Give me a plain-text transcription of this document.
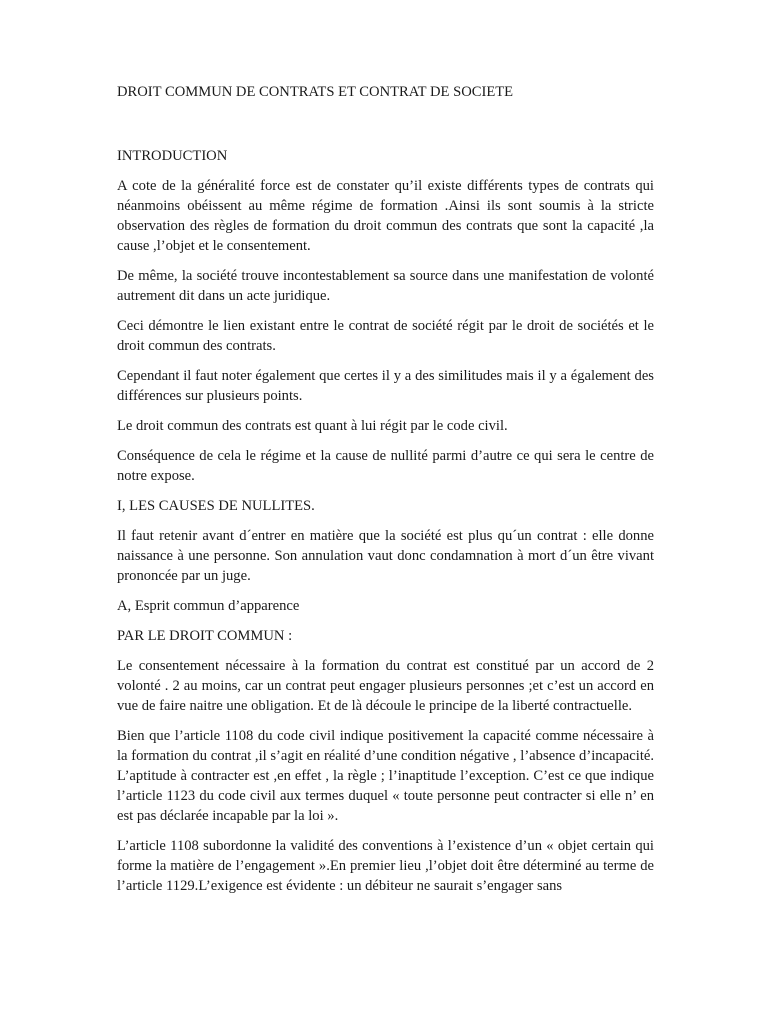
DROIT COMMUN DE CONTRATS ET CONTRAT DE SOCIETE
INTRODUCTION

A cote de la généralité force est de constater qu’il existe différents types de contrats qui néanmoins obéissent au même régime de formation .Ainsi ils sont soumis à la stricte observation des règles de formation du droit commun des contrats que sont la capacité ,la cause ,l’objet et le consentement.

De même, la société trouve incontestablement sa source dans une manifestation de volonté autrement dit dans un acte juridique.

Ceci démontre le lien existant entre le contrat de société régit par le droit de sociétés et le droit commun des contrats.

Cependant il faut noter également que certes il y a des similitudes mais il y a également des différences sur plusieurs points.

Le droit commun des contrats est quant à lui régit par le code civil.

Conséquence de cela le régime et la cause de nullité parmi d’autre ce qui sera le centre de notre expose.

I, LES CAUSES DE NULLITES.

Il faut retenir avant d´entrer en matière que la société est plus qu´un contrat : elle donne naissance à une personne. Son annulation vaut donc condamnation à mort d´un être vivant prononcée par un juge.

A, Esprit commun d’apparence
PAR LE DROIT COMMUN :

Le consentement nécessaire à la formation du contrat est constitué par un accord de 2 volonté . 2 au moins, car un contrat peut engager plusieurs personnes ;et c’est un accord en vue de faire naitre une obligation. Et de là découle le principe de la liberté contractuelle.

Bien que l’article 1108 du code civil indique positivement la capacité comme nécessaire à la formation du contrat ,il s’agit en réalité d’une condition négative , l’absence d’incapacité. L’aptitude à contracter est ,en effet , la règle ; l’inaptitude l’exception. C’est ce que indique l’article 1123 du code civil aux termes duquel « toute personne peut contracter si elle n’ en est pas déclarée incapable par la loi ».

L’article 1108 subordonne la validité des conventions à l’existence d’un « objet certain qui forme la matière de l’engagement ».En premier lieu ,l’objet doit être déterminé au terme de l’article 1129.L’exigence est évidente : un débiteur ne saurait s’engager sans
